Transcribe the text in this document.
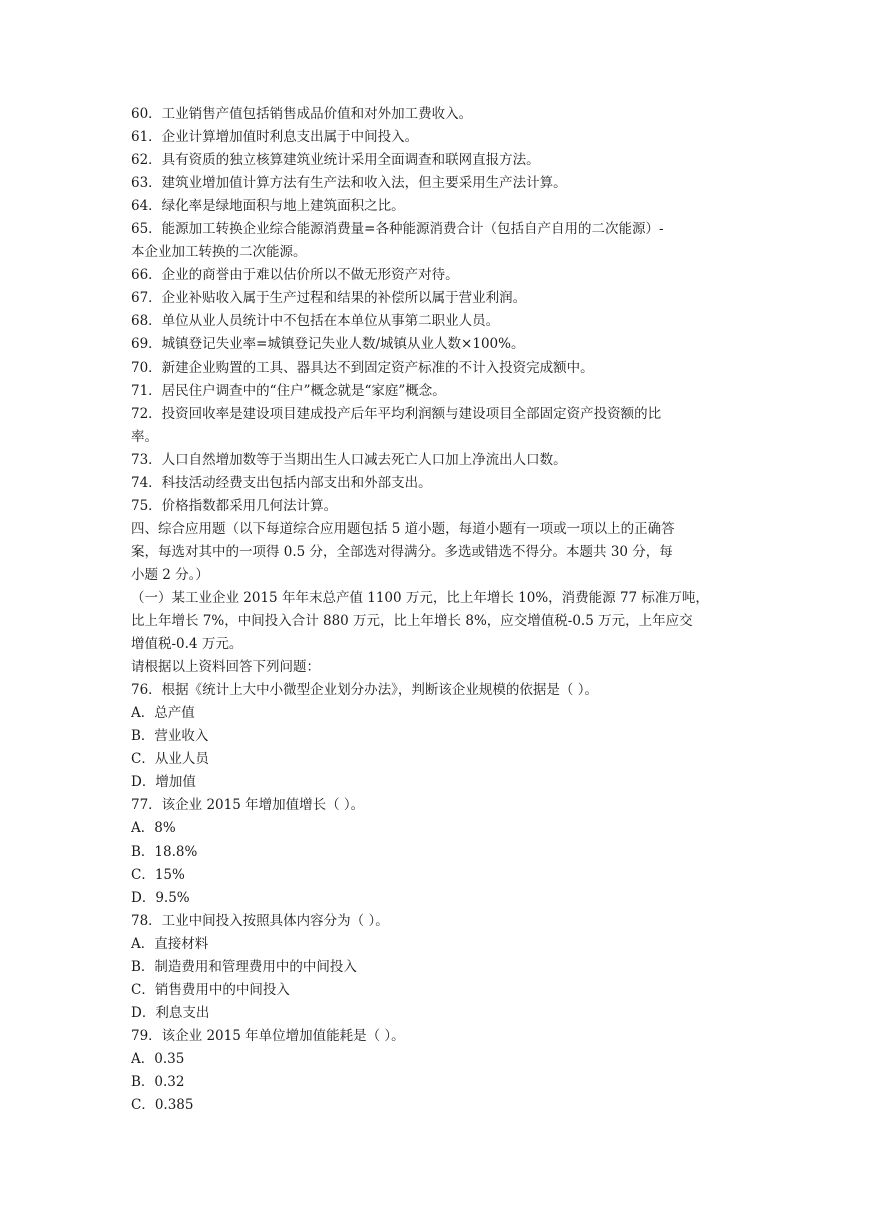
60．工业销售产值包括销售成品价值和对外加工费收入。
61．企业计算增加值时利息支出属于中间投入。
62．具有资质的独立核算建筑业统计采用全面调查和联网直报方法。
63．建筑业增加值计算方法有生产法和收入法，但主要采用生产法计算。
64．绿化率是绿地面积与地上建筑面积之比。
65．能源加工转换企业综合能源消费量=各种能源消费合计（包括自产自用的二次能源）-
本企业加工转换的二次能源。
66．企业的商誉由于难以估价所以不做无形资产对待。
67．企业补贴收入属于生产过程和结果的补偿所以属于营业利润。
68．单位从业人员统计中不包括在本单位从事第二职业人员。
69．城镇登记失业率=城镇登记失业人数/城镇从业人数×100%。
70．新建企业购置的工具、器具达不到固定资产标准的不计入投资完成额中。
71．居民住户调查中的“住户”概念就是“家庭”概念。
72．投资回收率是建设项目建成投产后年平均利润额与建设项目全部固定资产投资额的比
率。
73．人口自然增加数等于当期出生人口减去死亡人口加上净流出人口数。
74．科技活动经费支出包括内部支出和外部支出。
75．价格指数都采用几何法计算。
四、综合应用题（以下每道综合应用题包括 5 道小题，每道小题有一项或一项以上的正确答
案，每选对其中的一项得 0.5 分，全部选对得满分。多选或错选不得分。本题共 30 分，每
小题 2 分。）
（一）某工业企业 2015 年年末总产值 1100 万元，比上年增长 10%，消费能源 77 标准万吨，
比上年增长 7%，中间投入合计 880 万元，比上年增长 8%，应交增值税-0.5 万元，上年应交
增值税-0.4 万元。
请根据以上资料回答下列问题：
76．根据《统计上大中小微型企业划分办法》，判断该企业规模的依据是（ ）。
A．总产值
B．营业收入
C．从业人员
D．增加值
77．该企业 2015 年增加值增长（ ）。
A．8%
B．18.8%
C．15%
D．9.5%
78．工业中间投入按照具体内容分为（ ）。
A．直接材料
B．制造费用和管理费用中的中间投入
C．销售费用中的中间投入
D．利息支出
79．该企业 2015 年单位增加值能耗是（ ）。
A．0.35
B．0.32
C．0.385
